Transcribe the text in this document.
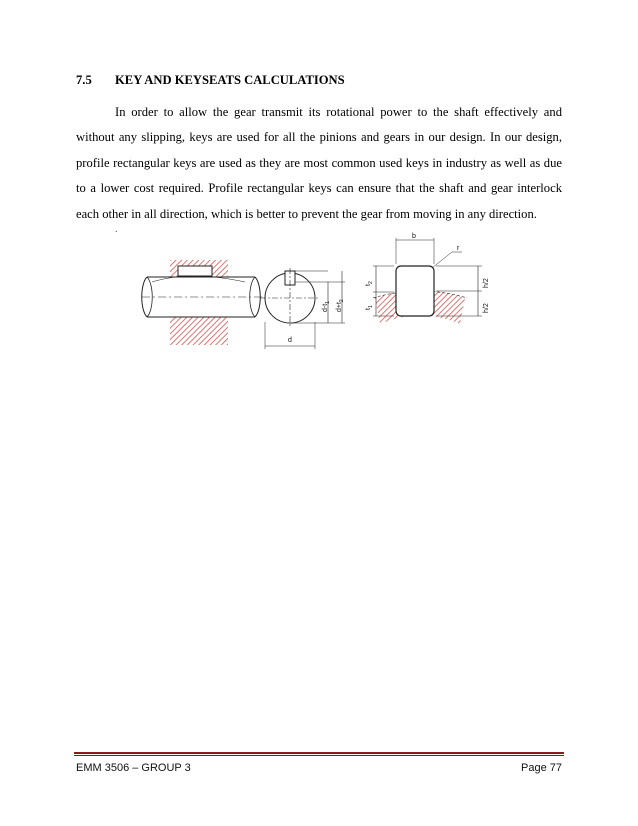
7.5 KEY AND KEYSEATS CALCULATIONS

In order to allow the gear transmit its rotational power to the shaft effectively and without any slipping, keys are used for all the pinions and gears in our design. In our design, profile rectangular keys are used as they are most common used keys in industry as well as due to a lower cost required. Profile rectangular keys can ensure that the shaft and gear interlock each other in all direction, which is better to prevent the gear from moving in any direction.

.
d
$d-t_1$ $d+t_2$
b
r
$t_2$
$t_1$
h/2
h/2
EMM 3506 – GROUP 3	Page 77
